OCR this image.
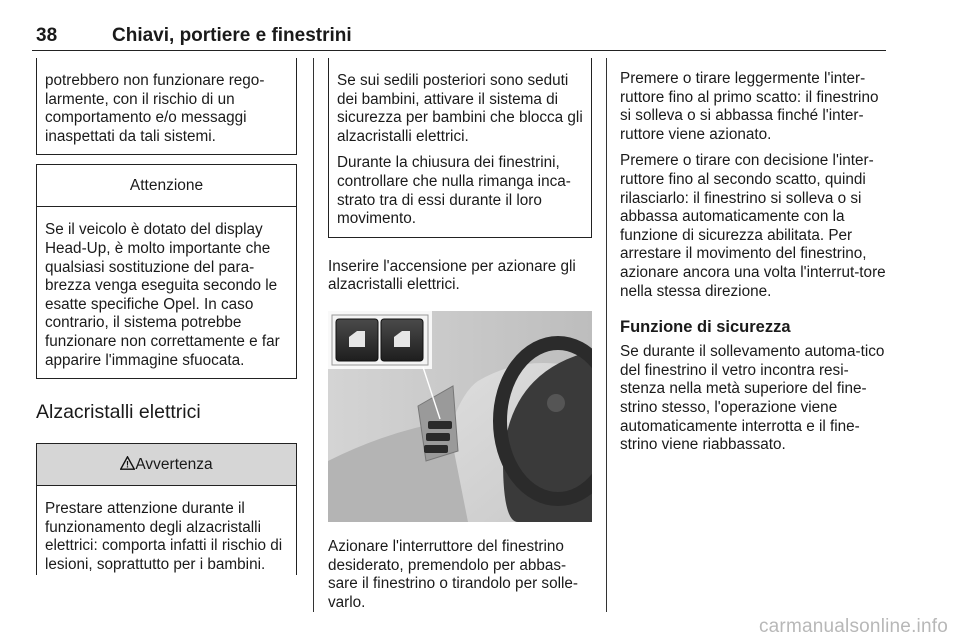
38	Chiavi, portiere e finestrini

potrebbero non funzionare rego-larmente, con il rischio di un comportamento e/o messaggi inaspettati da tali sistemi.

Attenzione

Se il veicolo è dotato del display Head-Up, è molto importante che qualsiasi sostituzione del para-brezza venga eseguita secondo le esatte specifiche Opel. In caso contrario, il sistema potrebbe funzionare non correttamente e far apparire l'immagine sfuocata.

Alzacristalli elettrici
! Avvertenza

Prestare attenzione durante il funzionamento degli alzacristalli elettrici: comporta infatti il rischio di lesioni, soprattutto per i bambini.

Se sui sedili posteriori sono seduti dei bambini, attivare il sistema di sicurezza per bambini che blocca gli alzacristalli elettrici.

Durante la chiusura dei finestrini, controllare che nulla rimanga inca-strato tra di essi durante il loro movimento.

Inserire l'accensione per azionare gli alzacristalli elettrici.

Azionare l'interruttore del finestrino desiderato, premendolo per abbas-sare il finestrino o tirandolo per solle-varlo.

Premere o tirare leggermente l'inter-ruttore fino al primo scatto: il finestrino si solleva o si abbassa finché l'inter-ruttore viene azionato.

Premere o tirare con decisione l'inter-ruttore fino al secondo scatto, quindi rilasciarlo: il finestrino si solleva o si abbassa automaticamente con la funzione di sicurezza abilitata. Per arrestare il movimento del finestrino, azionare ancora una volta l'interrut-tore nella stessa direzione.

Funzione di sicurezza

Se durante il sollevamento automa-tico del finestrino il vetro incontra resi-stenza nella metà superiore del fine-strino stesso, l'operazione viene automaticamente interrotta e il fine-strino viene riabbassato.

carmanualsonline.info
